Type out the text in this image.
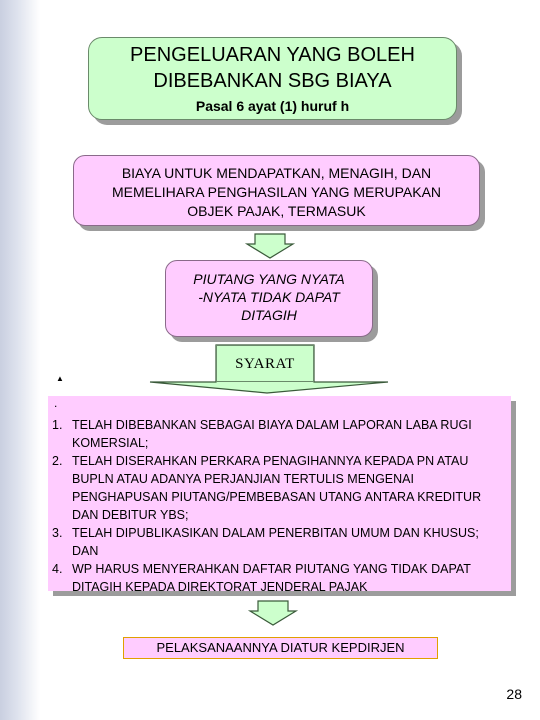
PENGELUARAN YANG BOLEH
DIBEBANKAN SBG BIAYA
Pasal 6 ayat (1) huruf h
BIAYA UNTUK MENDAPATKAN, MENAGIH, DAN
MEMELIHARA PENGHASILAN YANG MERUPAKAN
OBJEK PAJAK, TERMASUK
PIUTANG YANG NYATA
-NYATA TIDAK DAPAT
DITAGIH
SYARAT
▲
.
1. TELAH DIBEBANKAN SEBAGAI BIAYA DALAM LAPORAN LABA RUGI KOMERSIAL;
2. TELAH DISERAHKAN PERKARA PENAGIHANNYA KEPADA PN ATAU BUPLN ATAU ADANYA PERJANJIAN TERTULIS MENGENAI PENGHAPUSAN PIUTANG/PEMBEBASAN UTANG ANTARA KREDITUR DAN DEBITUR YBS;
3. TELAH DIPUBLIKASIKAN DALAM PENERBITAN UMUM DAN KHUSUS; DAN
4. WP HARUS MENYERAHKAN DAFTAR PIUTANG YANG TIDAK DAPAT DITAGIH KEPADA DIREKTORAT JENDERAL PAJAK
PELAKSANAANNYA DIATUR KEPDIRJEN
28
